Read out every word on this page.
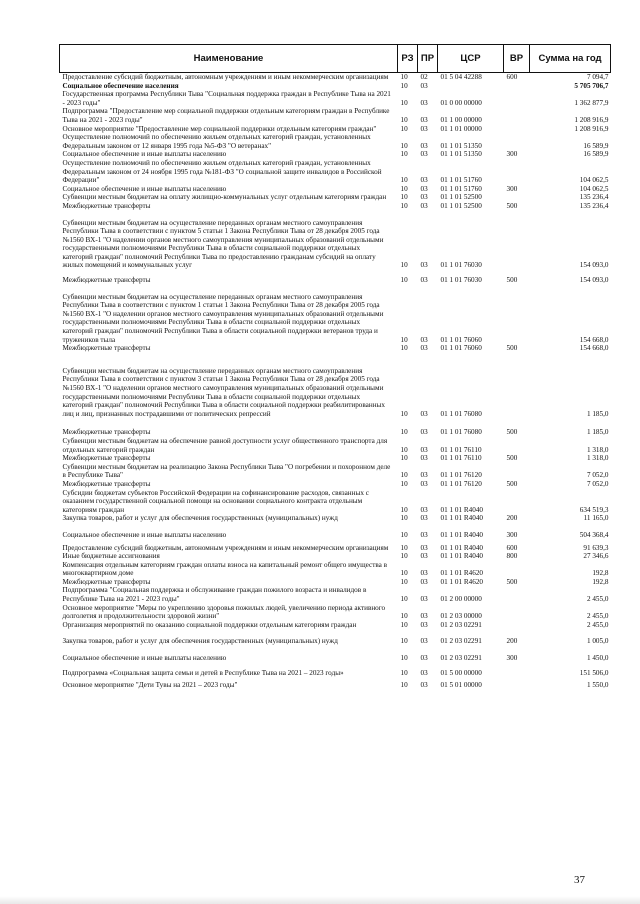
Наименование	РЗ	ПР	ЦСР	ВР	Сумма на год
Предоставление субсидий бюджетным, автономным учреждениям и иным некоммерческим организациям	10	02	01 5 04 42288	600	7 094,7
Социальное обеспечение населения	10	03			5 705 706,7
Государственная программа Республики Тыва "Социальная поддержка граждан в Республике Тыва на 2021 - 2023 годы"	10	03	01 0 00 00000		1 362 877,9
Подпрограмма "Предоставление мер социальной поддержки отдельным категориям граждан в Республике Тыва на 2021 - 2023 годы"	10	03	01 1 00 00000		1 208 916,9
Основное мероприятие "Предоставление мер социальной поддержки отдельным категориям граждан"	10	03	01 1 01 00000		1 208 916,9
Осуществление полномочий по обеспечению жильем отдельных категорий граждан, установленных Федеральным законом от 12 января 1995 года №5-ФЗ "О ветеранах"	10	03	01 1 01 51350		16 589,9
Социальное обеспечение и иные выплаты населению	10	03	01 1 01 51350	300	16 589,9
Осуществление полномочий по обеспечению жильем отдельных категорий граждан, установленных Федеральным законом от 24 ноября 1995 года №181-ФЗ "О социальной защите инвалидов в Российской Федерации"	10	03	01 1 01 51760		104 062,5
Социальное обеспечение и иные выплаты населению	10	03	01 1 01 51760	300	104 062,5
Субвенции местным бюджетам на оплату жилищно-коммунальных услуг отдельным категориям граждан	10	03	01 1 01 52500		135 236,4
Межбюджетные трансферты	10	03	01 1 01 52500	500	135 236,4
Субвенции местным бюджетам на осуществление переданных органам местного самоуправления Республики Тыва в соответствии с пунктом 5 статьи 1 Закона Республики Тыва от 28 декабря 2005 года №1560 ВХ-1 "О наделении органов местного самоуправления муниципальных образований отдельными государственными полномочиями Республики Тыва в области социальной поддержки отдельных категорий граждан" полномочий Республики Тыва по предоставлению гражданам субсидий на оплату жилых помещений и коммунальных услуг	10	03	01 1 01 76030		154 093,0
Межбюджетные трансферты	10	03	01 1 01 76030	500	154 093,0
Субвенции местным бюджетам на осуществление переданных органам местного самоуправления Республики Тыва в соответствии с пунктом 1 статьи 1 Закона Республики Тыва от 28 декабря 2005 года №1560 ВХ-1 "О наделении органов местного самоуправления муниципальных образований отдельными государственными полномочиями Республики Тыва в области социальной поддержки отдельных категорий граждан" полномочий Республики Тыва в области социальной поддержки ветеранов труда и тружеников тыла	10	03	01 1 01 76060		154 668,0
Межбюджетные трансферты	10	03	01 1 01 76060	500	154 668,0
Субвенции местным бюджетам на осуществление переданных органам местного самоуправления Республики Тыва в соответствии с пунктом 3 статьи 1 Закона Республики Тыва от 28 декабря 2005 года №1560 ВХ-1 "О наделении органов местного самоуправления муниципальных образований отдельными государственными полномочиями Республики Тыва в области социальной поддержки отдельных категорий граждан" полномочий Республики Тыва в области социальной поддержки реабилитированных лиц и лиц, признанных пострадавшими от политических репрессий	10	03	01 1 01 76080		1 185,0
Межбюджетные трансферты	10	03	01 1 01 76080	500	1 185,0
Субвенции местным бюджетам на обеспечение равной доступности услуг общественного транспорта для отдельных категорий граждан	10	03	01 1 01 76110		1 318,0
Межбюджетные трансферты	10	03	01 1 01 76110	500	1 318,0
Субвенции местным бюджетам на реализацию Закона Республики Тыва "О погребении и похоронном деле в Республике Тыва"	10	03	01 1 01 76120		7 052,0
Межбюджетные трансферты	10	03	01 1 01 76120	500	7 052,0
Субсидии бюджетам субъектов Российской Федерации на софинансирование расходов, связанных с оказанием государственной социальной помощи на основании социального контракта отдельным категориям граждан	10	03	01 1 01 R4040		634 519,3
Закупка товаров, работ и услуг для обеспечения государственных (муниципальных) нужд	10	03	01 1 01 R4040	200	11 165,0
Социальное обеспечение и иные выплаты населению	10	03	01 1 01 R4040	300	504 368,4
Предоставление субсидий бюджетным, автономным учреждениям и иным некоммерческим организациям	10	03	01 1 01 R4040	600	91 639,3
Иные бюджетные ассигнования	10	03	01 1 01 R4040	800	27 346,6
Компенсация отдельным категориям граждан оплаты взноса на капитальный ремонт общего имущества в многоквартирном доме	10	03	01 1 01 R4620		192,8
Межбюджетные трансферты	10	03	01 1 01 R4620	500	192,8
Подпрограмма "Социальная поддержка и обслуживание граждан пожилого возраста и инвалидов в Республике Тыва на 2021 - 2023 годы"	10	03	01 2 00 00000		2 455,0
Основное мероприятие "Меры по укреплению здоровья пожилых людей, увеличению периода активного долголетия и продолжительности здоровой жизни"	10	03	01 2 03 00000		2 455,0
Организация мероприятий по оказанию социальной поддержки отдельным категориям граждан	10	03	01 2 03 02291		2 455,0
Закупка товаров, работ и услуг для обеспечения государственных (муниципальных) нужд	10	03	01 2 03 02291	200	1 005,0
Социальное обеспечение и иные выплаты населению	10	03	01 2 03 02291	300	1 450,0
Подпрограмма «Социальная защита семьи и детей в Республике Тыва на 2021 – 2023 годы»	10	03	01 5 00 00000		151 506,0
Основное мероприятие "Дети Тувы на 2021 – 2023 годы"	10	03	01 5 01 00000		1 550,0
37
